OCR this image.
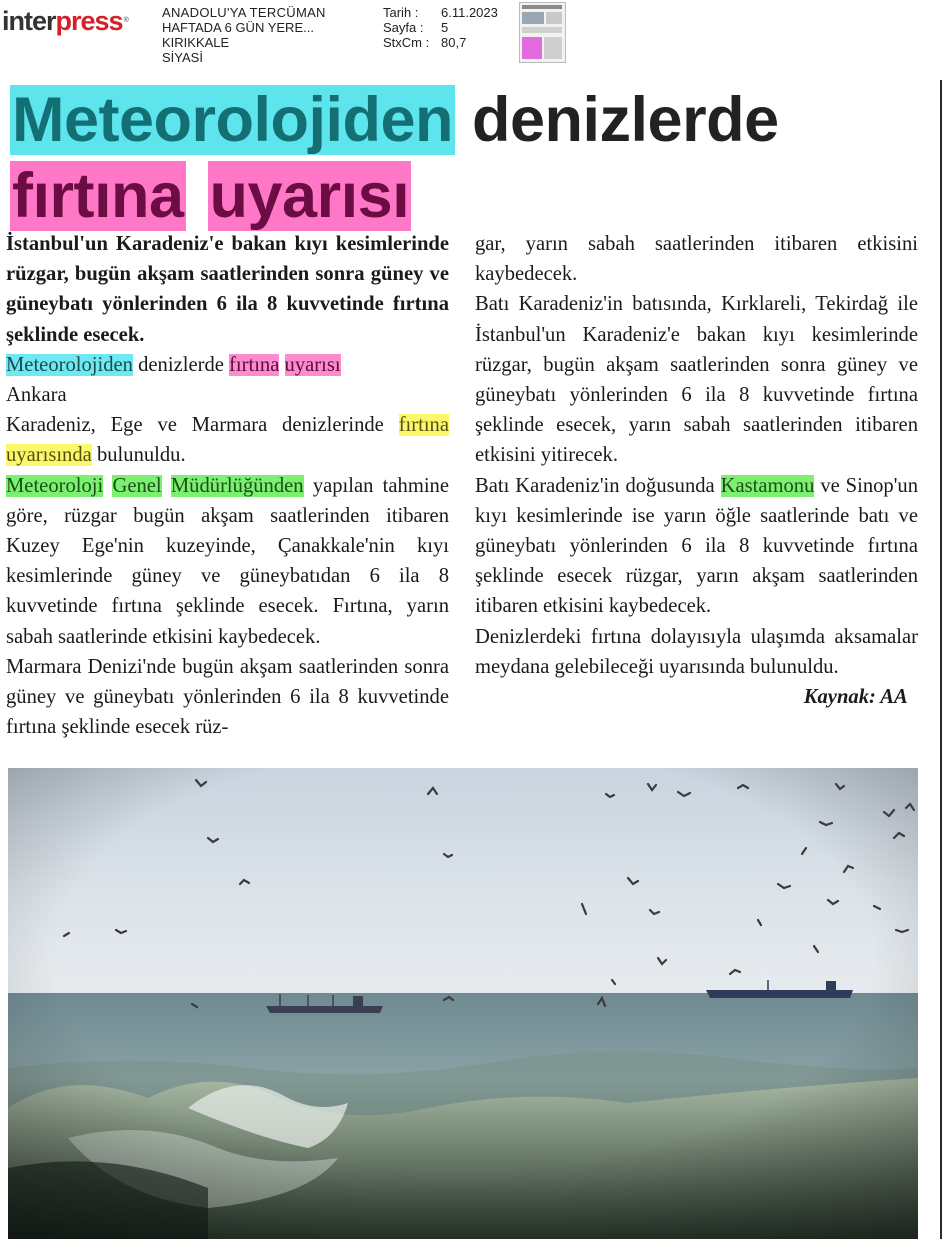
interpress®
ANADOLU'YA TERCÜMAN
HAFTADA 6 GÜN YERE...
KIRIKKALE
SİYASİ
Tarih :	6.11.2023
Sayfa :	5
StxCm : 80,7
Meteorolojiden denizlerde
fırtına uyarısı

İstanbul'un Karadeniz'e bakan kıyı kesimlerinde rüzgar, bugün akşam saatlerinden sonra güney ve güneybatı yönlerinden 6 ila 8 kuvvetinde fırtına şeklinde esecek.

Meteorolojiden denizlerde fırtına uyarısı

Ankara

Karadeniz, Ege ve Marmara denizlerinde fırtına uyarısında bulunuldu.

Meteoroloji Genel Müdürlüğünden yapılan tahmine göre, rüzgar bugün akşam saatlerinden itibaren Kuzey Ege'nin kuzeyinde, Çanakkale'nin kıyı kesimlerinde güney ve güneybatıdan 6 ila 8 kuvvetinde fırtına şeklinde esecek. Fırtına, yarın sabah saatlerinde etkisini kaybedecek.

Marmara Denizi'nde bugün akşam saatlerinden sonra güney ve güneybatı yönlerinden 6 ila 8 kuvvetinde fırtına şeklinde esecek rüz-

gar, yarın sabah saatlerinden itibaren etkisini kaybedecek.

Batı Karadeniz'in batısında, Kırklareli, Tekirdağ ile İstanbul'un Karadeniz'e bakan kıyı kesimlerinde rüzgar, bugün akşam saatlerinden sonra güney ve güneybatı yönlerinden 6 ila 8 kuvvetinde fırtına şeklinde esecek, yarın sabah saatlerinden itibaren etkisini yitirecek.

Batı Karadeniz'in doğusunda Kastamonu ve Sinop'un kıyı kesimlerinde ise yarın öğle saatlerinde batı ve güneybatı yönlerinden 6 ila 8 kuvvetinde fırtına şeklinde esecek rüzgar, yarın akşam saatlerinden itibaren etkisini kaybedecek.

Denizlerdeki fırtına dolayısıyla ulaşımda aksamalar meydana gelebileceği uyarısında bulunuldu.

Kaynak: AA
